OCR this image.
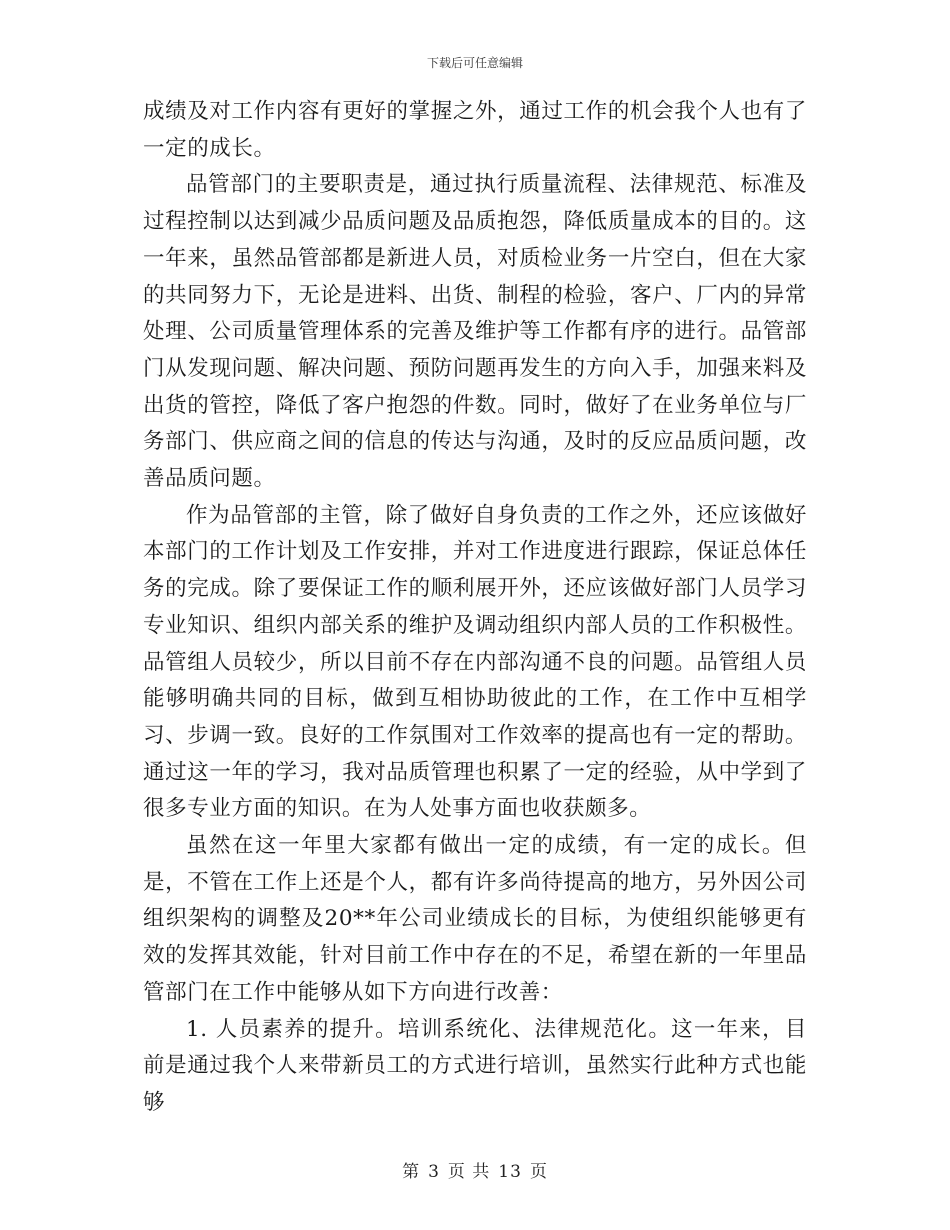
下载后可任意编辑

成绩及对工作内容有更好的掌握之外，通过工作的机会我个人也有了一定的成长。

品管部门的主要职责是，通过执行质量流程、法律规范、标准及过程控制以达到减少品质问题及品质抱怨，降低质量成本的目的。这一年来，虽然品管部都是新进人员，对质检业务一片空白，但在大家的共同努力下，无论是进料、出货、制程的检验，客户、厂内的异常处理、公司质量管理体系的完善及维护等工作都有序的进行。品管部门从发现问题、解决问题、预防问题再发生的方向入手，加强来料及出货的管控，降低了客户抱怨的件数。同时，做好了在业务单位与厂务部门、供应商之间的信息的传达与沟通，及时的反应品质问题，改善品质问题。

作为品管部的主管，除了做好自身负责的工作之外，还应该做好本部门的工作计划及工作安排，并对工作进度进行跟踪，保证总体任务的完成。除了要保证工作的顺利展开外，还应该做好部门人员学习专业知识、组织内部关系的维护及调动组织内部人员的工作积极性。品管组人员较少，所以目前不存在内部沟通不良的问题。品管组人员能够明确共同的目标，做到互相协助彼此的工作，在工作中互相学习、步调一致。良好的工作氛围对工作效率的提高也有一定的帮助。 通过这一年的学习，我对品质管理也积累了一定的经验，从中学到了很多专业方面的知识。在为人处事方面也收获颇多。

虽然在这一年里大家都有做出一定的成绩，有一定的成长。但是，不管在工作上还是个人，都有许多尚待提高的地方，另外因公司组织架构的调整及20**年公司业绩成长的目标，为使组织能够更有效的发挥其效能，针对目前工作中存在的不足，希望在新的一年里品管部门在工作中能够从如下方向进行改善：

1. 人员素养的提升。培训系统化、法律规范化。这一年来，目前是通过我个人来带新员工的方式进行培训，虽然实行此种方式也能够

第 3 页 共 13 页
